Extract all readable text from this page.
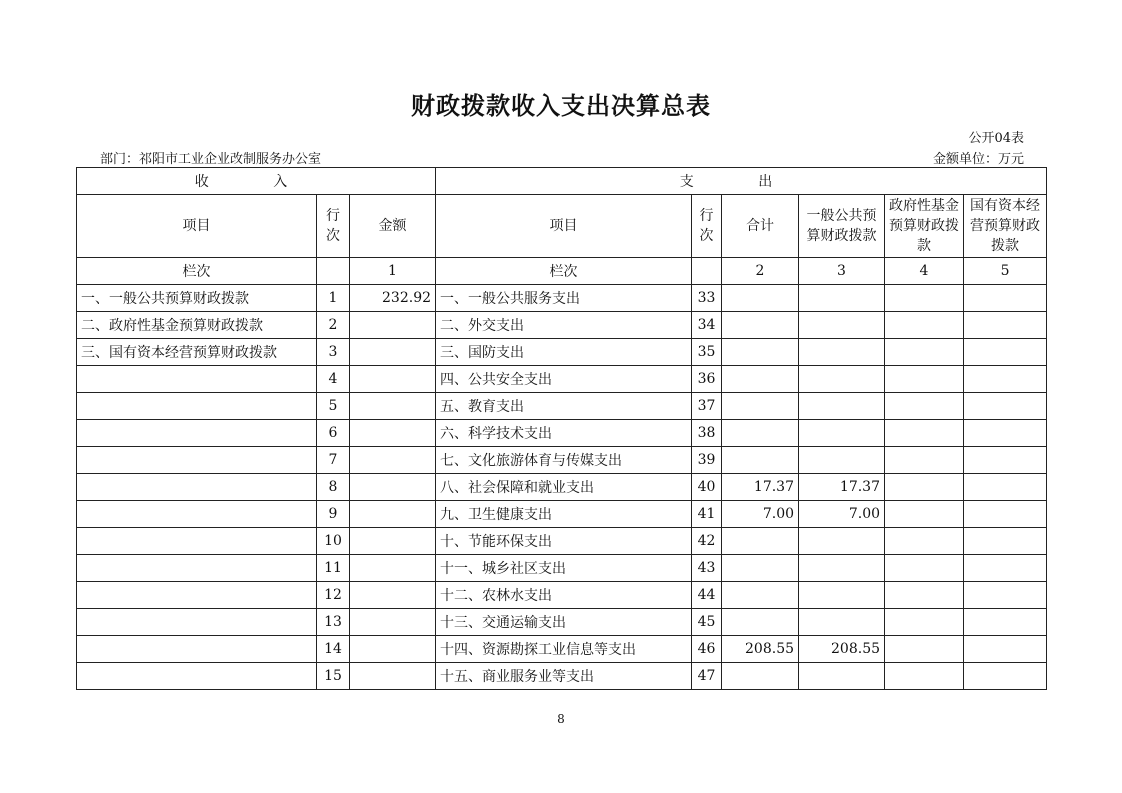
财政拨款收入支出决算总表
公开04表
部门：祁阳市工业企业改制服务办公室	金额单位：万元
收 入			支 出					
项目	行次	金额	项目	行次	合计	一般公共预算财政拨款	政府性基金预算财政拨款	国有资本经营预算财政拨款
栏次		1	栏次		2	3	4	5
一、一般公共预算财政拨款	1	232.92	一、一般公共服务支出	33				
二、政府性基金预算财政拨款	2		二、外交支出	34				
三、国有资本经营预算财政拨款	3		三、国防支出	35				
	4		四、公共安全支出	36				
	5		五、教育支出	37				
	6		六、科学技术支出	38				
	7		七、文化旅游体育与传媒支出	39				
	8		八、社会保障和就业支出	40	17.37	17.37		
	9		九、卫生健康支出	41	7.00	7.00		
	10		十、节能环保支出	42				
	11		十一、城乡社区支出	43				
	12		十二、农林水支出	44				
	13		十三、交通运输支出	45				
	14		十四、资源勘探工业信息等支出	46	208.55	208.55		
	15		十五、商业服务业等支出	47				
8
